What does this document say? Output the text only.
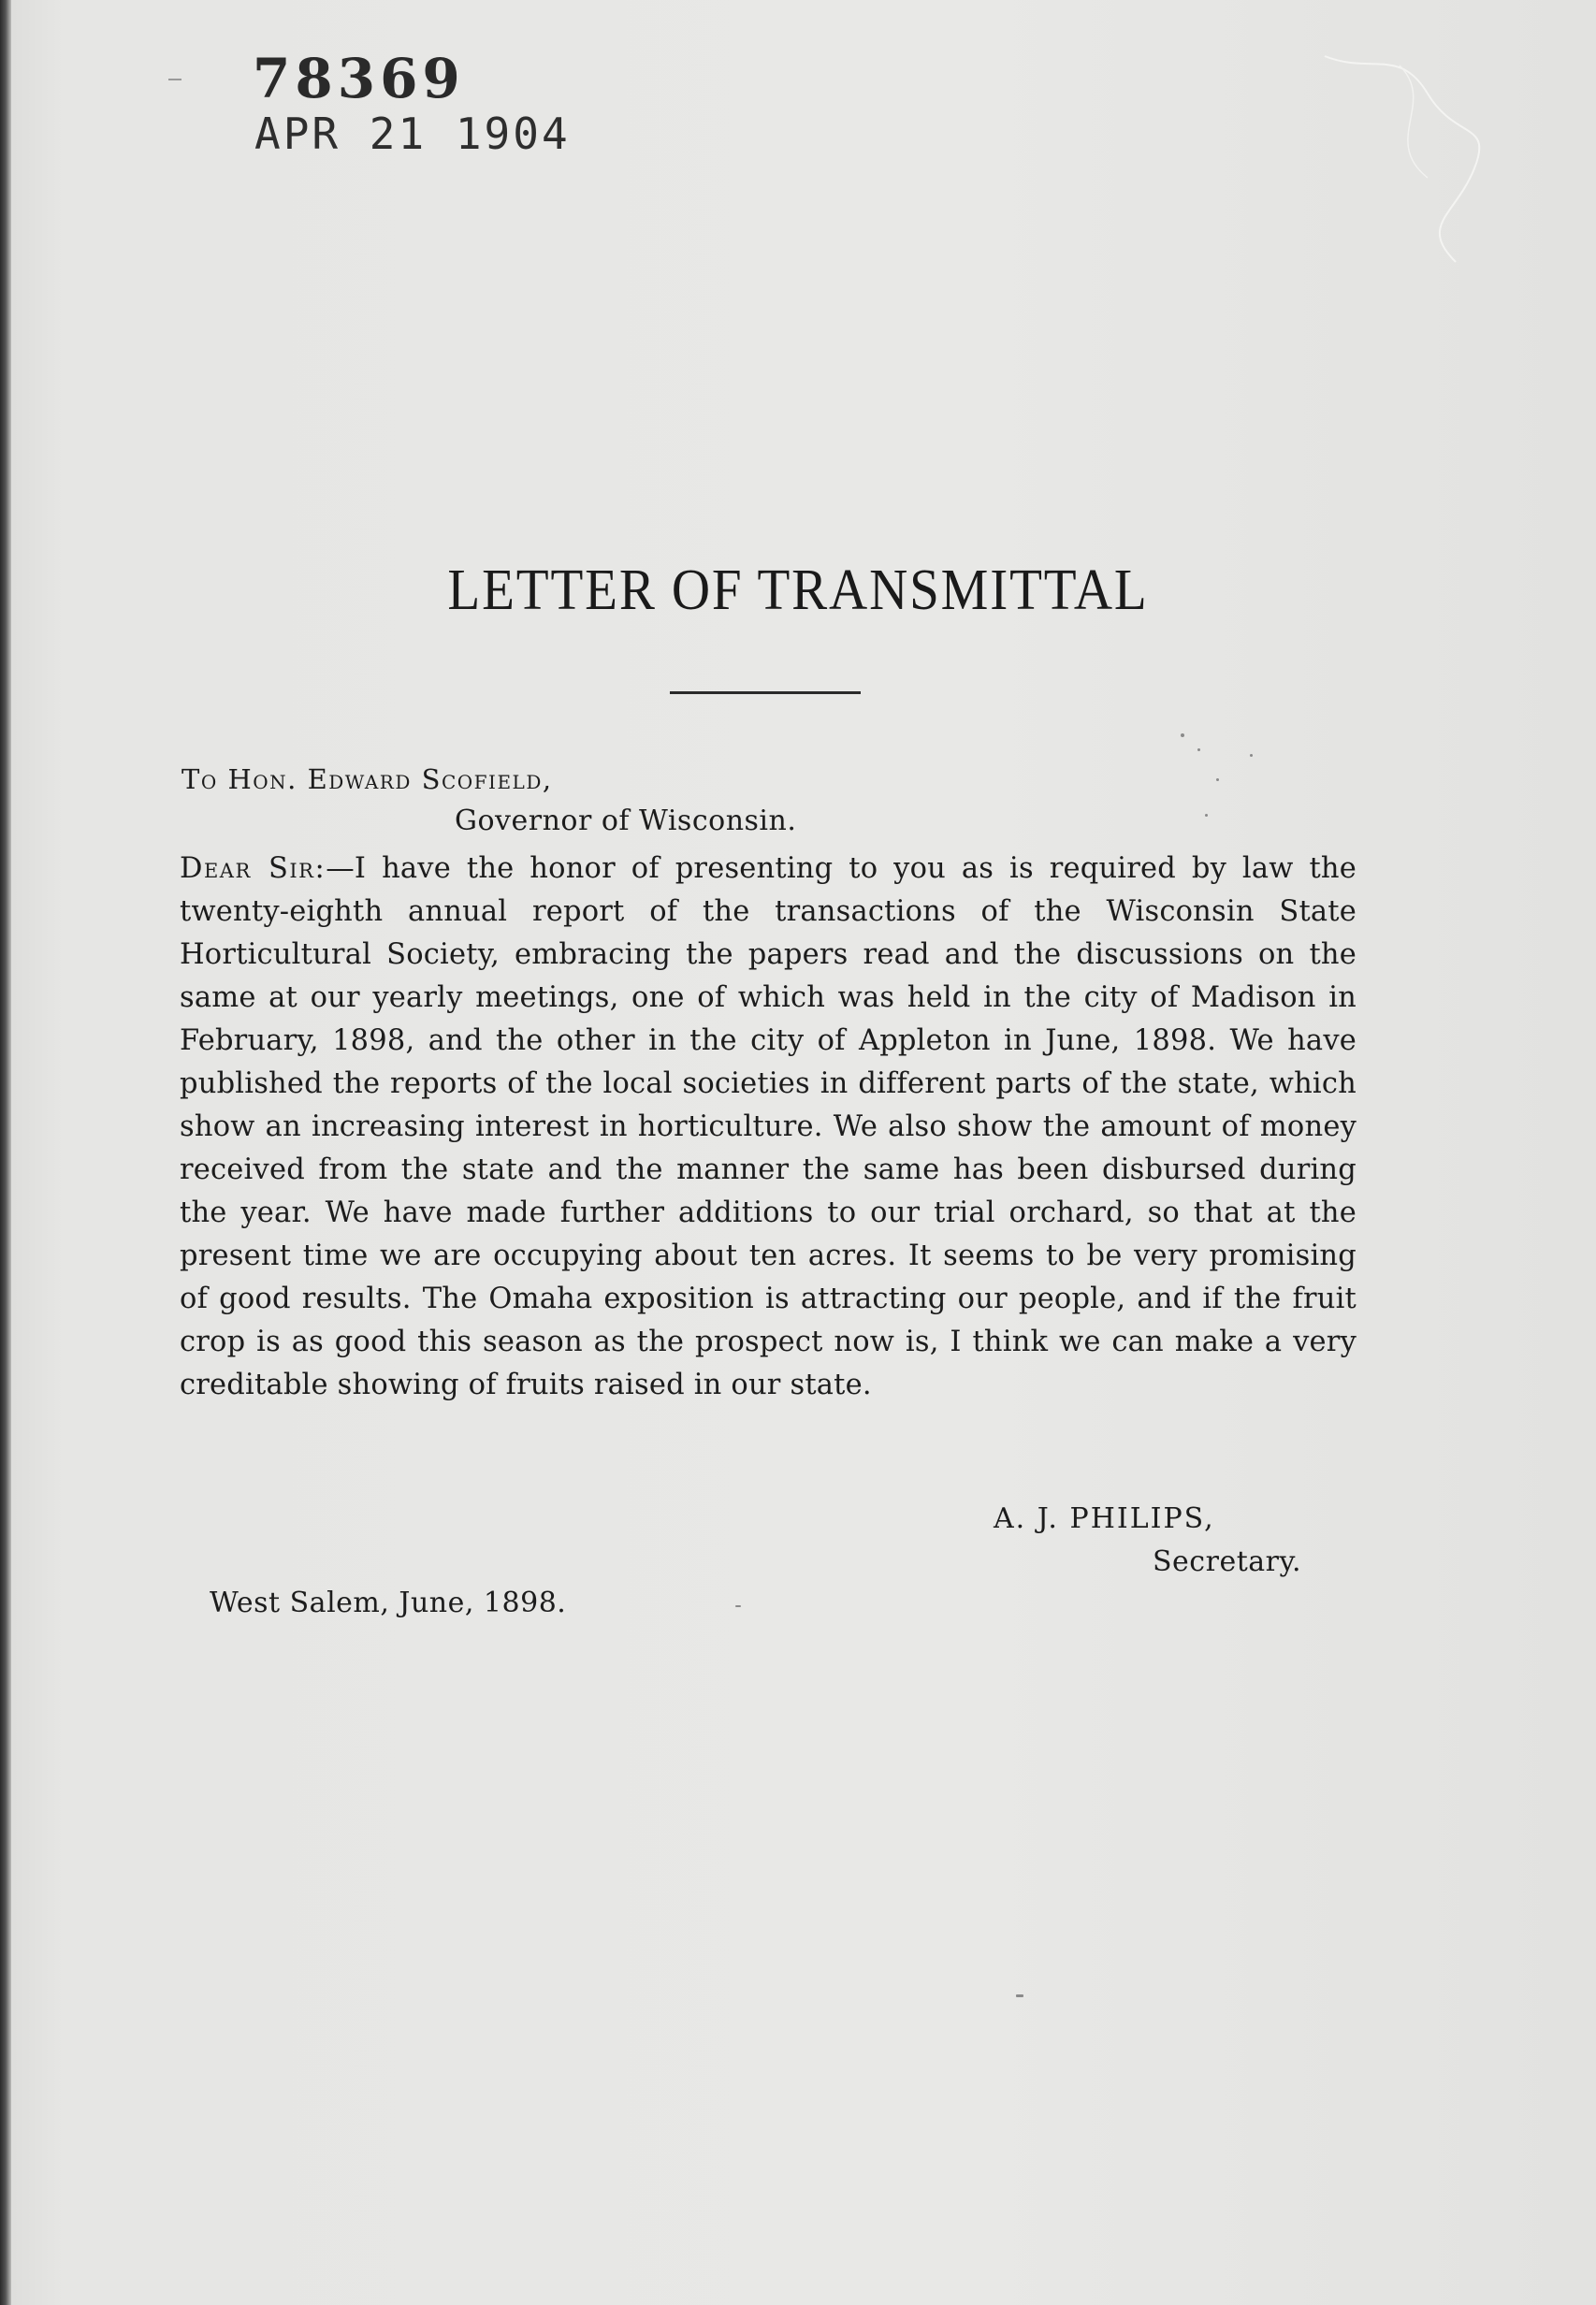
78369
APR 21 1904
LETTER OF TRANSMITTAL
To Hon. Edward Scofield,
Governor of Wisconsin.
Dear Sir:—I have the honor of presenting to you as is required by law the twenty-eighth annual report of the transactions of the Wisconsin State Horticultural Society, embracing the papers read and the discussions on the same at our yearly meetings, one of which was held in the city of Madison in February, 1898, and the other in the city of Appleton in June, 1898. We have published the reports of the local societies in different parts of the state, which show an increasing interest in horticulture. We also show the amount of money received from the state and the manner the same has been disbursed during the year. We have made further additions to our trial orchard, so that at the present time we are occupying about ten acres. It seems to be very promising of good results. The Omaha exposition is attracting our people, and if the fruit crop is as good this season as the prospect now is, I think we can make a very creditable showing of fruits raised in our state.
A. J. PHILIPS,
Secretary.
West Salem, June, 1898.
